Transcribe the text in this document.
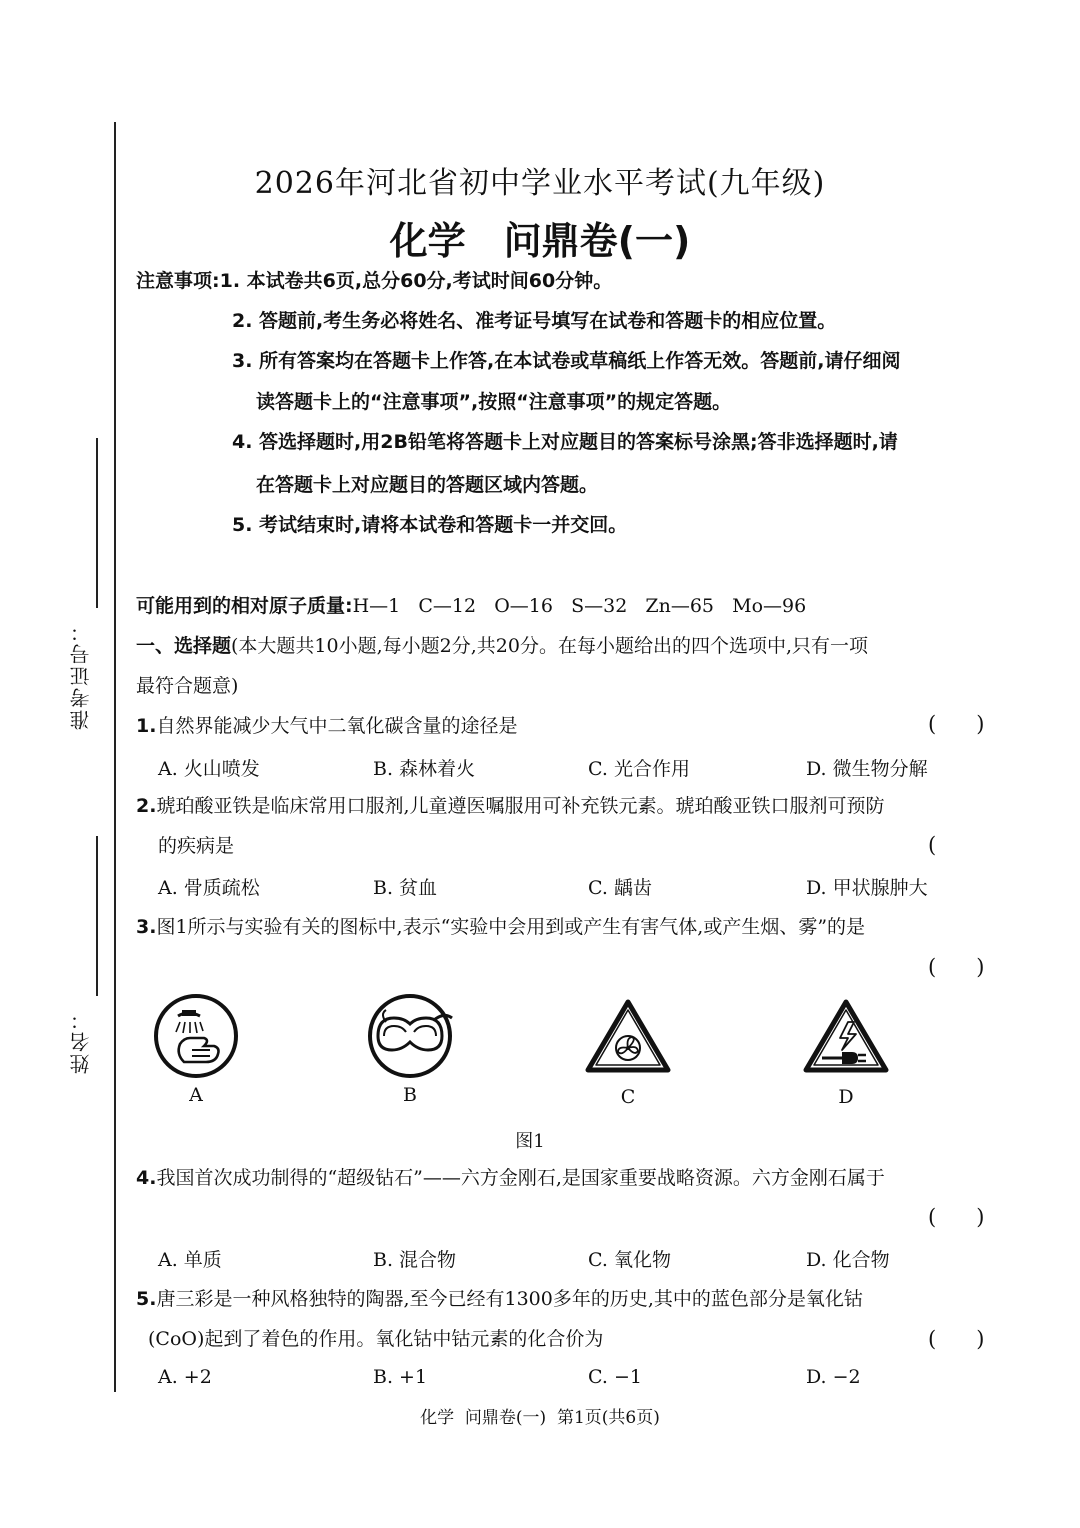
准考证号：
姓名：
2026年河北省初中学业水平考试(九年级)
化学 问鼎卷(一)
注意事项:1. 本试卷共6页,总分60分,考试时间60分钟。
2. 答题前,考生务必将姓名、准考证号填写在试卷和答题卡的相应位置。
3. 所有答案均在答题卡上作答,在本试卷或草稿纸上作答无效。答题前,请仔细阅
读答题卡上的“注意事项”,按照“注意事项”的规定答题。
4. 答选择题时,用2B铅笔将答题卡上对应题目的答案标号涂黑;答非选择题时,请
在答题卡上对应题目的答题区域内答题。
5. 考试结束时,请将本试卷和答题卡一并交回。
可能用到的相对原子质量:H—1   C—12   O—16   S—32   Zn—65   Mo—96
一、选择题(本大题共10小题,每小题2分,共20分。在每小题给出的四个选项中,只有一项
最符合题意)
1.自然界能减少大气中二氧化碳含量的途径是	(      )
A. 火山喷发	B. 森林着火	C. 光合作用	D. 微生物分解
2.琥珀酸亚铁是临床常用口服剂,儿童遵医嘱服用可补充铁元素。琥珀酸亚铁口服剂可预防
的疾病是	(
A. 骨质疏松	B. 贫血	C. 龋齿	D. 甲状腺肿大
3.图1所示与实验有关的图标中,表示“实验中会用到或产生有害气体,或产生烟、雾”的是
(      )
A	B	C	D
图1
4.我国首次成功制得的“超级钻石”——六方金刚石,是国家重要战略资源。六方金刚石属于
(      )
A. 单质	B. 混合物	C. 氧化物	D. 化合物
5.唐三彩是一种风格独特的陶器,至今已经有1300多年的历史,其中的蓝色部分是氧化钴
(CoO)起到了着色的作用。氧化钴中钴元素的化合价为	(      )
A. +2	B. +1	C. −1	D. −2
化学  问鼎卷(一)  第1页(共6页)
